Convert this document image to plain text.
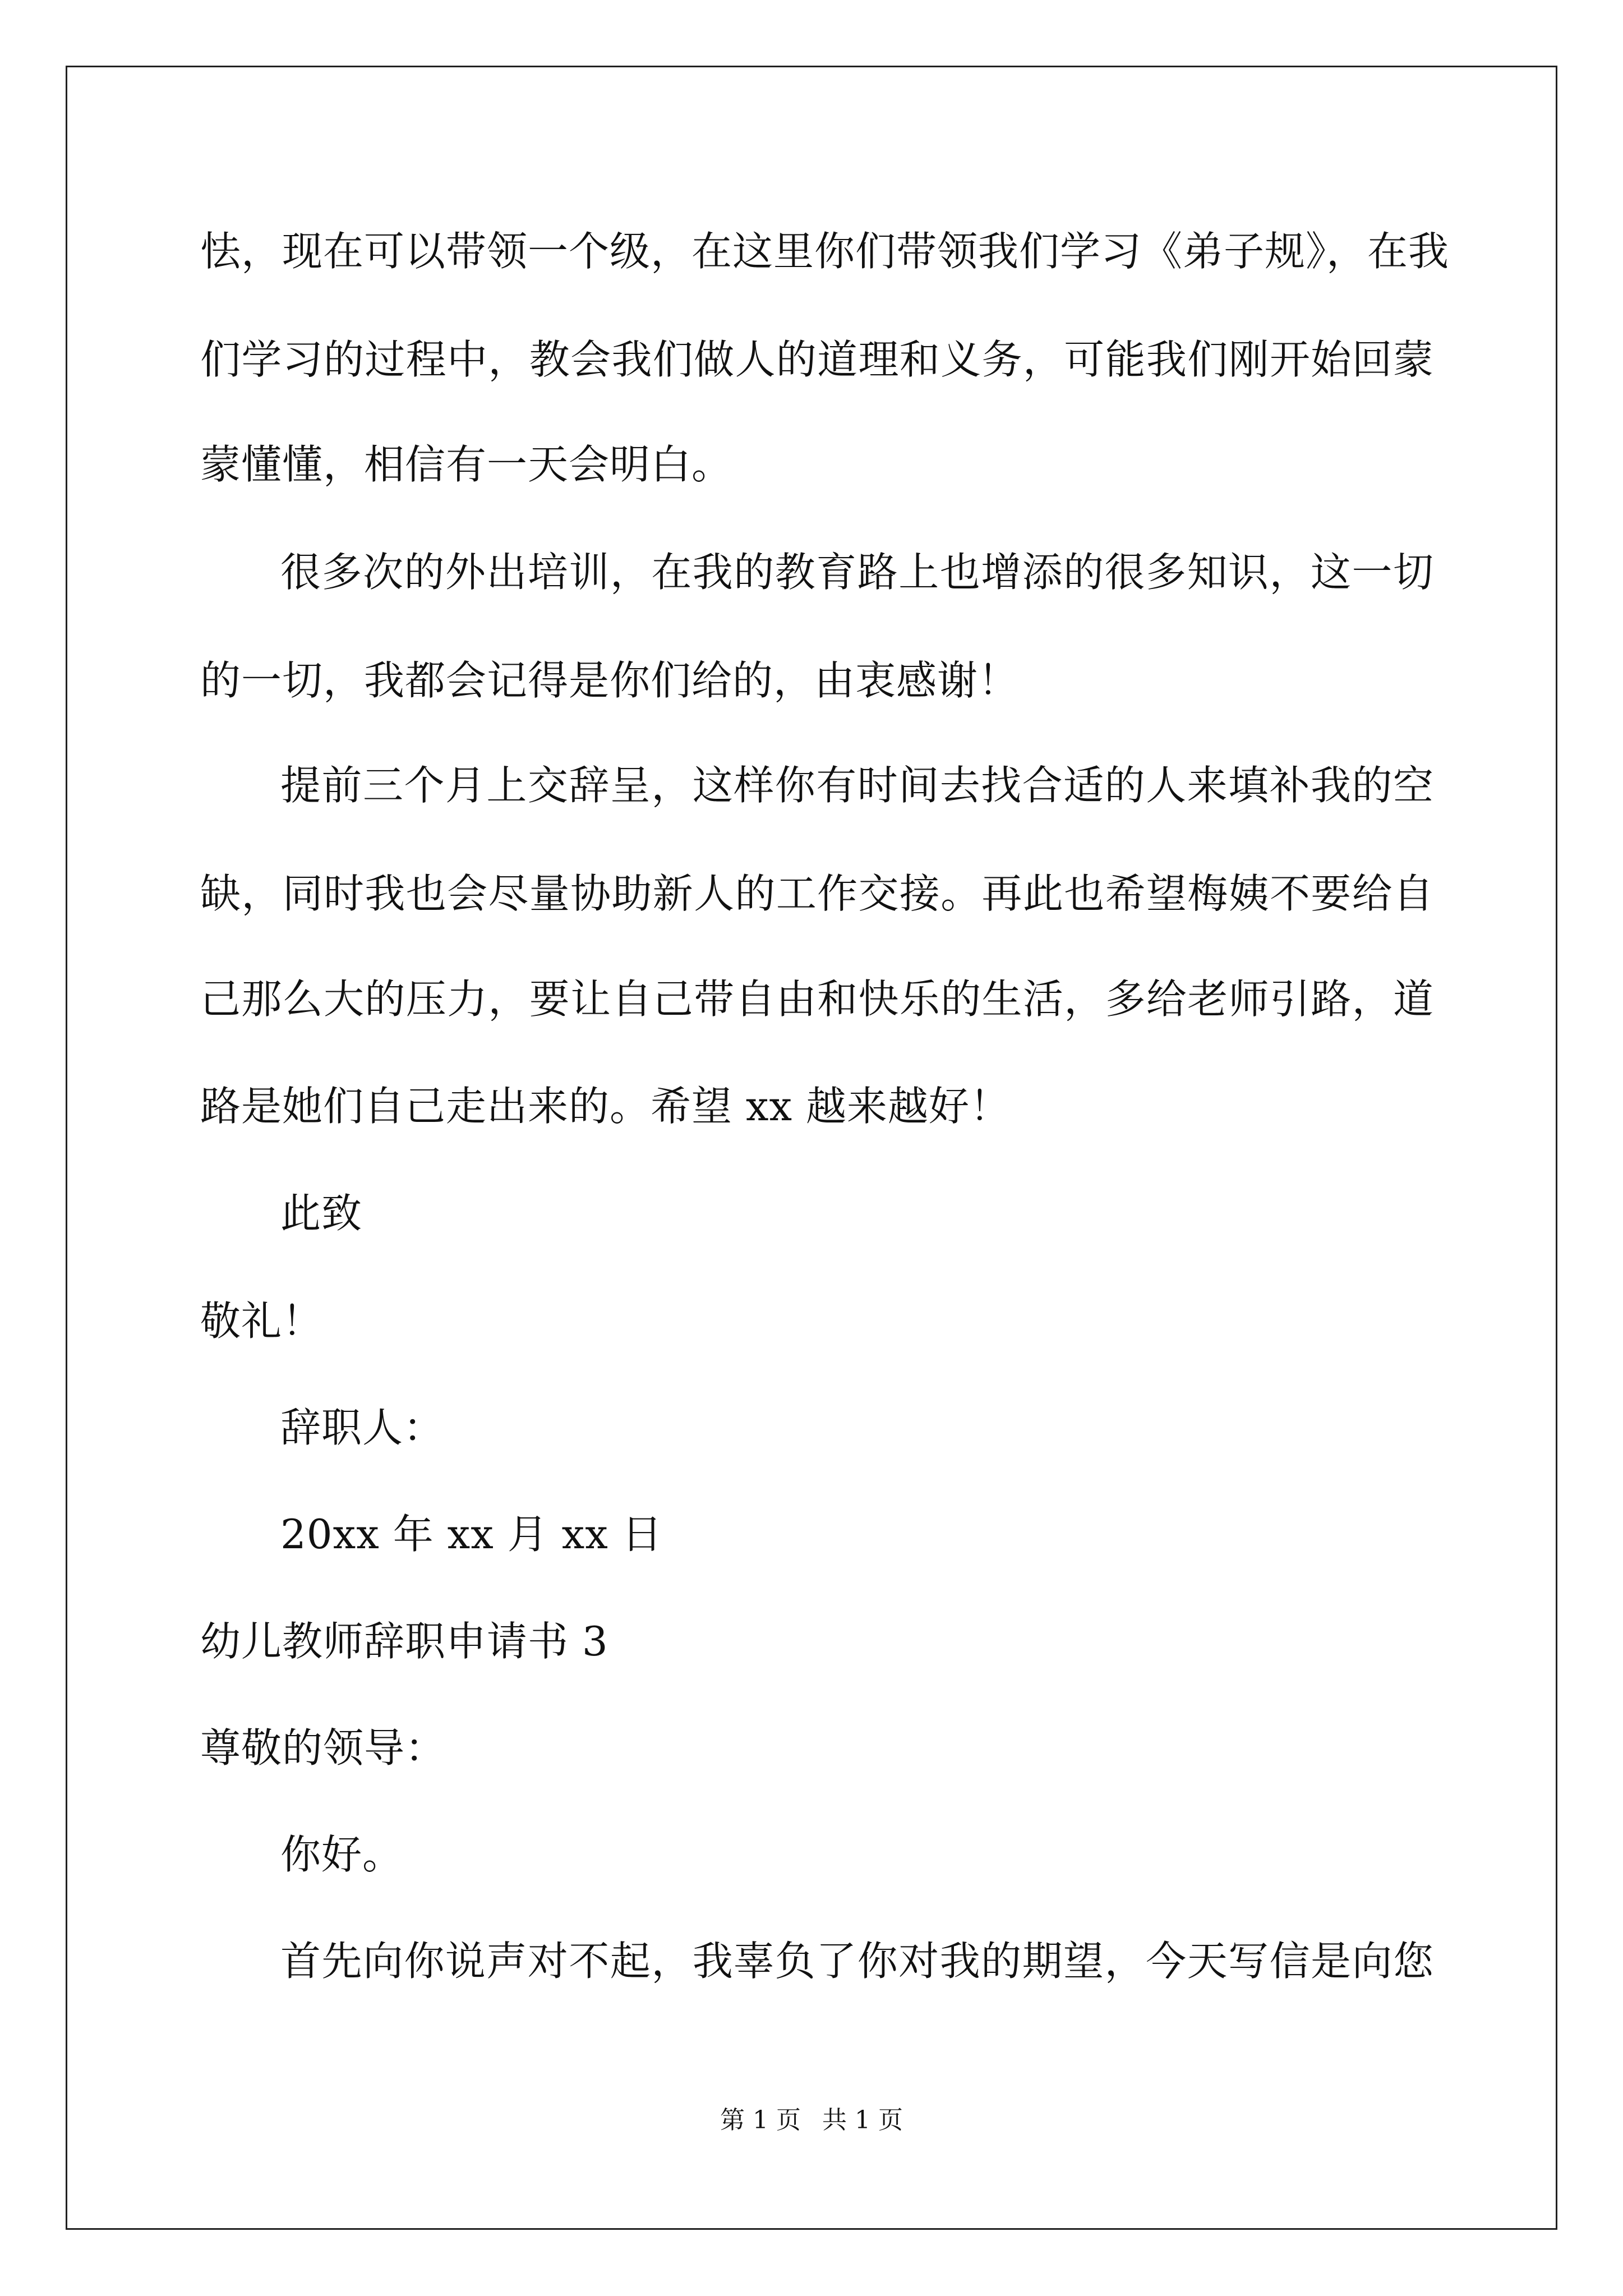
怯，现在可以带领一个级，在这里你们带领我们学习《弟子规》，在我
们学习的过程中，教会我们做人的道理和义务，可能我们刚开始回蒙
蒙懂懂，相信有一天会明白。
很多次的外出培训，在我的教育路上也增添的很多知识，这一切
的一切，我都会记得是你们给的，由衷感谢！
提前三个月上交辞呈，这样你有时间去找合适的人来填补我的空
缺，同时我也会尽量协助新人的工作交接。再此也希望梅姨不要给自
己那么大的压力，要让自己带自由和快乐的生活，多给老师引路，道
路是她们自己走出来的。希望 xx 越来越好！
此致
敬礼！
辞职人：
20xx 年 xx 月 xx 日
幼儿教师辞职申请书 3
尊敬的领导：
你好。
首先向你说声对不起，我辜负了你对我的期望，今天写信是向您
第 1 页 共 1 页
